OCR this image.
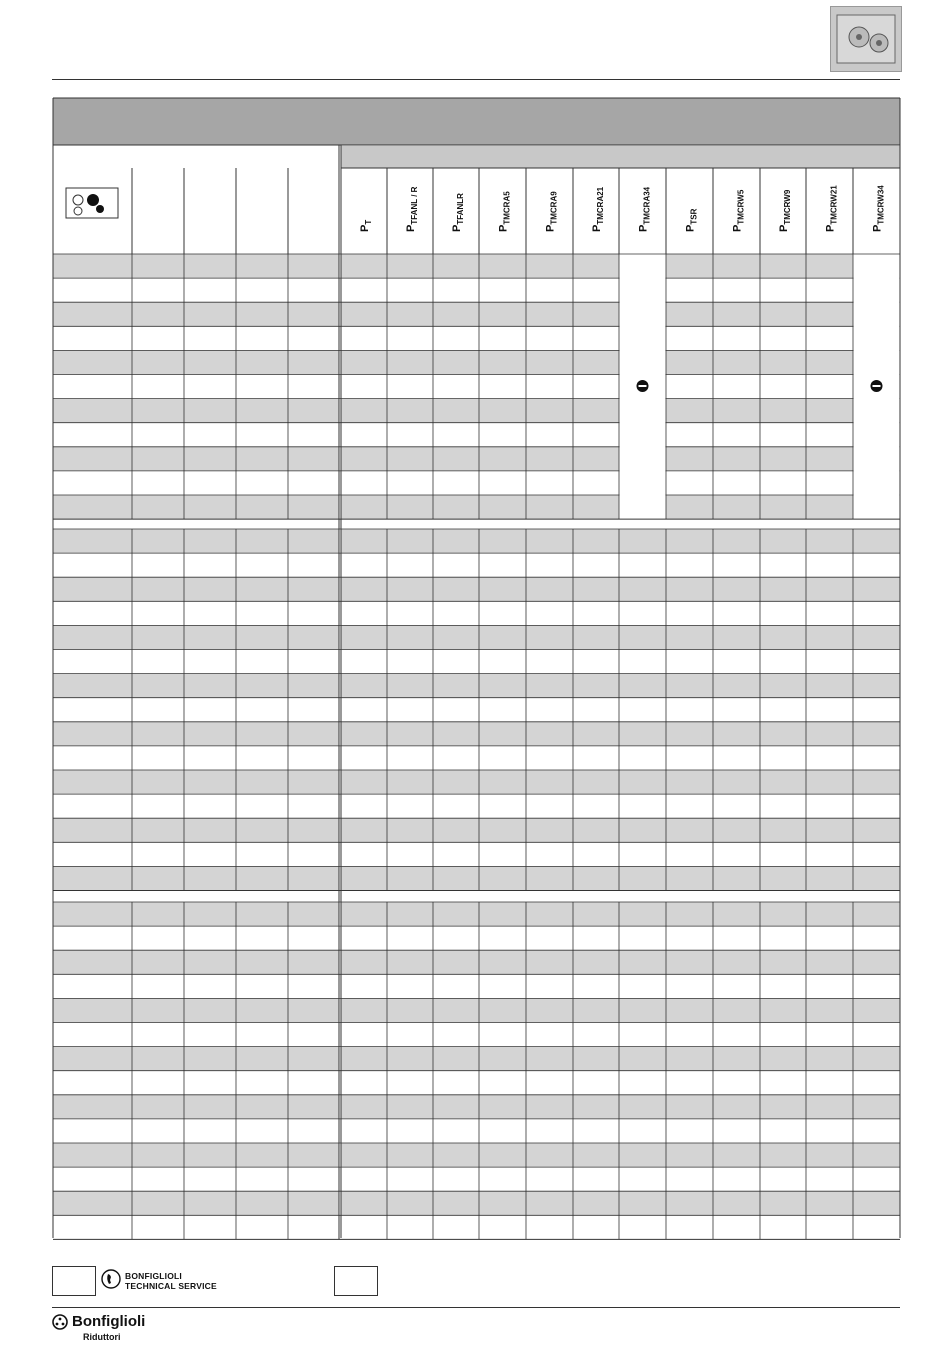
$P_T$
$P_{TFANL / R}$
$P_{TFANLR}$
$P_{TMCRA5}$
$P_{TMCRA9}$
$P_{TMCRA21}$
$P_{TMCRA34}$
$P_{TSR}$
$P_{TMCRW5}$
$P_{TMCRW9}$
$P_{TMCRW21}$
$P_{TMCRW34}$
BONFIGLIOLI
TECHNICAL SERVICE
Bonfiglioli
Riduttori
